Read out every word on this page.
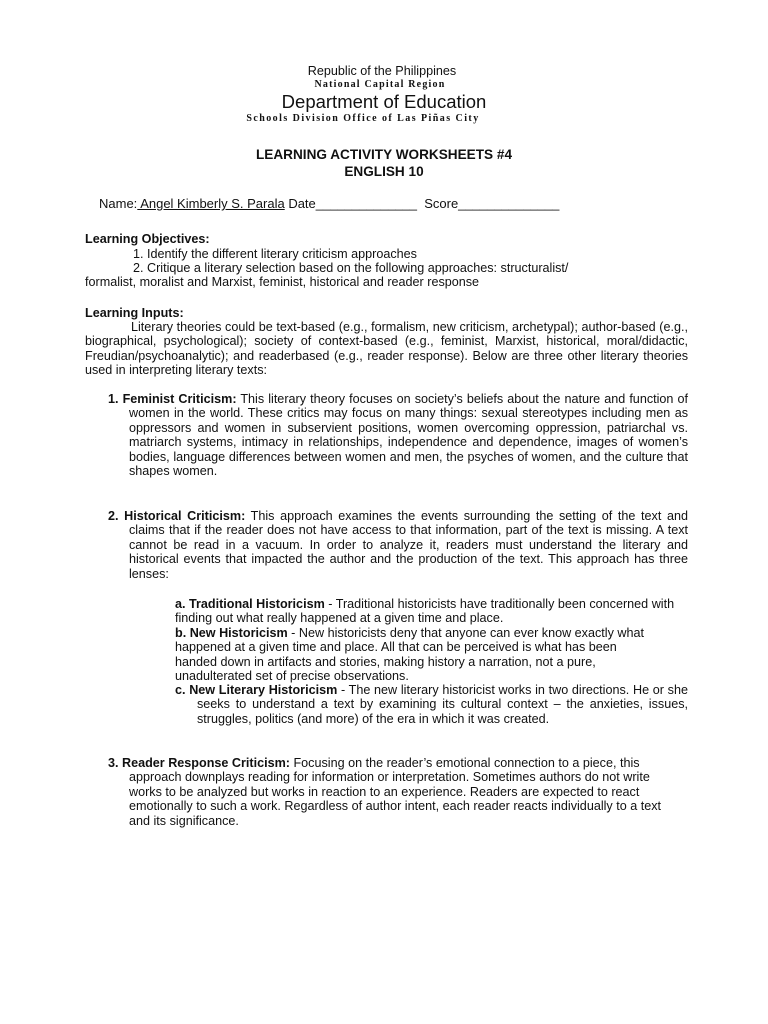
Republic of the Philippines
National Capital Region
Department of Education
Schools Division Office of Las Piñas City
LEARNING ACTIVITY WORKSHEETS #4
ENGLISH 10
Name: Angel Kimberly S. Parala Date______________  Score______________
Learning Objectives:
1. Identify the different literary criticism approaches
2. Critique a literary selection based on the following approaches: structuralist/ formalist, moralist and Marxist, feminist, historical and reader response
Learning Inputs:
Literary theories could be text-based (e.g., formalism, new criticism, archetypal); author-based (e.g., biographical, psychological); society of context-based (e.g., feminist, Marxist, historical, moral/didactic, Freudian/psychoanalytic); and readerbased (e.g., reader response). Below are three other literary theories used in interpreting literary texts:
1. Feminist Criticism: This literary theory focuses on society’s beliefs about the nature and function of women in the world. These critics may focus on many things: sexual stereotypes including men as oppressors and women in subservient positions, women overcoming oppression, patriarchal vs. matriarch systems, intimacy in relationships, independence and dependence, images of women’s bodies, language differences between women and men, the psyches of women, and the culture that shapes women.
2. Historical Criticism: This approach examines the events surrounding the setting of the text and claims that if the reader does not have access to that information, part of the text is missing. A text cannot be read in a vacuum. In order to analyze it, readers must understand the literary and historical events that impacted the author and the production of the text. This approach has three lenses:
a. Traditional Historicism - Traditional historicists have traditionally been concerned with finding out what really happened at a given time and place.
b. New Historicism - New historicists deny that anyone can ever know exactly what happened at a given time and place. All that can be perceived is what has been handed down in artifacts and stories, making history a narration, not a pure, unadulterated set of precise observations.
c. New Literary Historicism - The new literary historicist works in two directions. He or she seeks to understand a text by examining its cultural context – the anxieties, issues, struggles, politics (and more) of the era in which it was created.
3. Reader Response Criticism: Focusing on the reader’s emotional connection to a piece, this approach downplays reading for information or interpretation. Sometimes authors do not write works to be analyzed but works in reaction to an experience. Readers are expected to react emotionally to such a work. Regardless of author intent, each reader reacts individually to a text and its significance.
